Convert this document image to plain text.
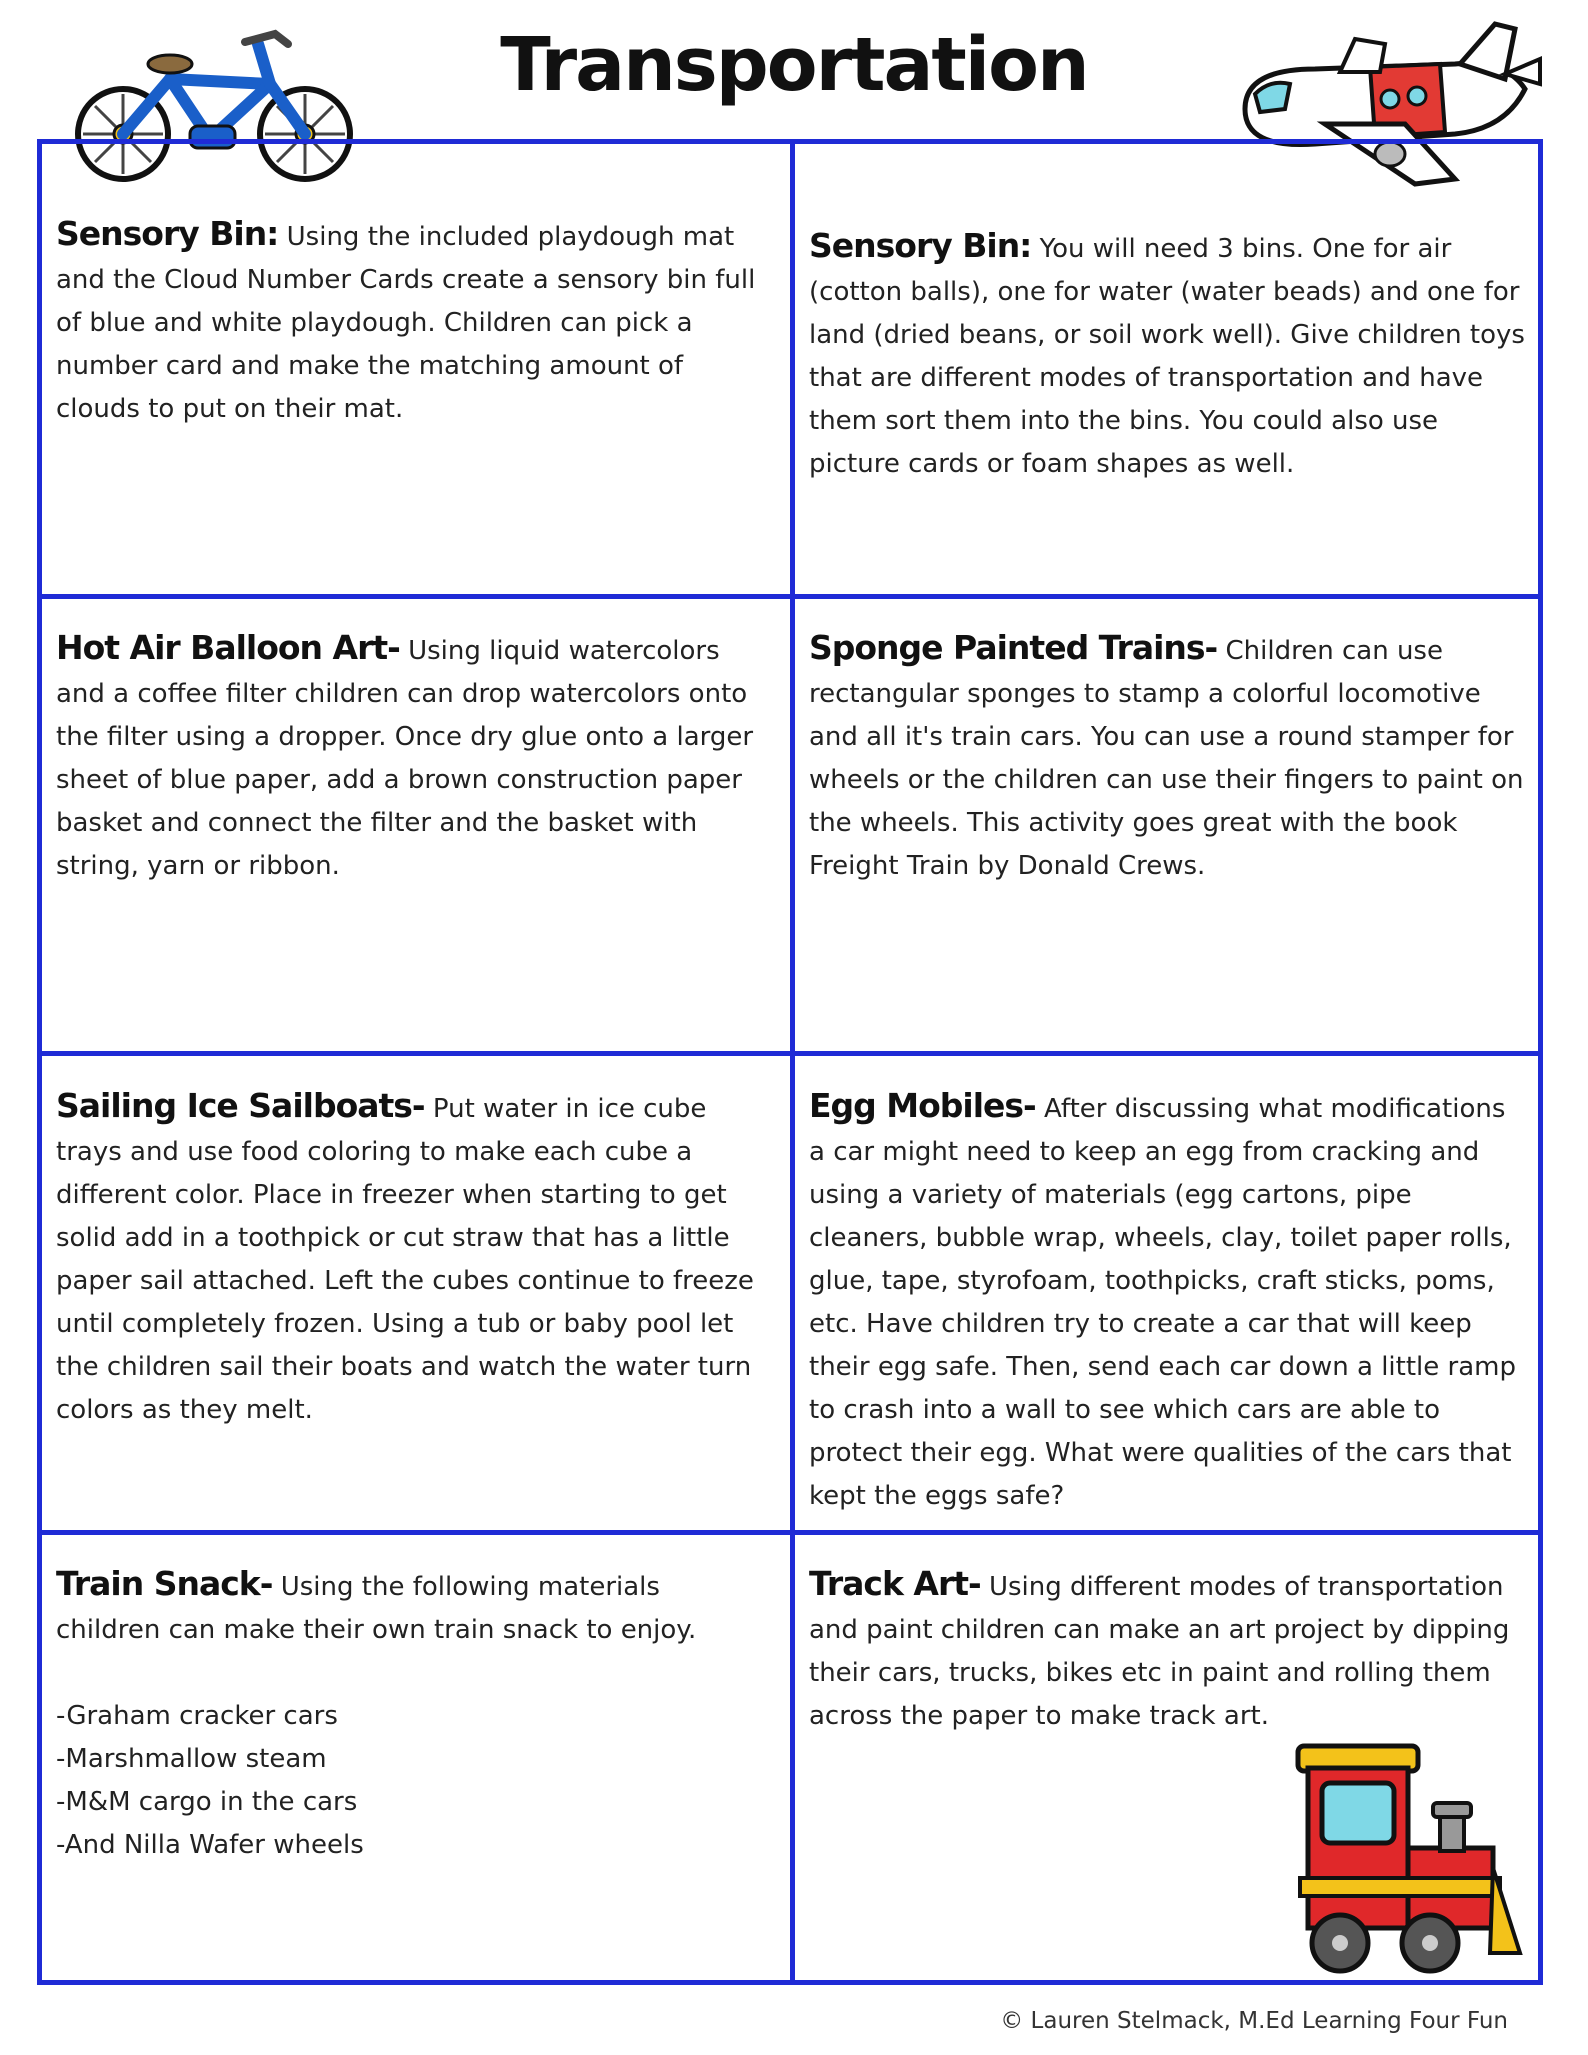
Transportation

Sensory Bin: Using the included playdough mat and the Cloud Number Cards create a sensory bin full of blue and white playdough. Children can pick a number card and make the matching amount of clouds to put on their mat.

Sensory Bin: You will need 3 bins. One for air (cotton balls), one for water (water beads) and one for land (dried beans, or soil work well). Give children toys that are different modes of transportation and have them sort them into the bins. You could also use picture cards or foam shapes as well.

Hot Air Balloon Art- Using liquid watercolors and a coffee filter children can drop watercolors onto the filter using a dropper. Once dry glue onto a larger sheet of blue paper, add a brown construction paper basket and connect the filter and the basket with string, yarn or ribbon.

Sponge Painted Trains- Children can use rectangular sponges to stamp a colorful locomotive and all it's train cars. You can use a round stamper for wheels or the children can use their fingers to paint on the wheels. This activity goes great with the book Freight Train by Donald Crews.

Sailing Ice Sailboats- Put water in ice cube trays and use food coloring to make each cube a different color. Place in freezer when starting to get solid add in a toothpick or cut straw that has a little paper sail attached. Left the cubes continue to freeze until completely frozen. Using a tub or baby pool let the children sail their boats and watch the water turn colors as they melt.

Egg Mobiles- After discussing what modifications a car might need to keep an egg from cracking and using a variety of materials (egg cartons, pipe cleaners, bubble wrap, wheels, clay, toilet paper rolls, glue, tape, styrofoam, toothpicks, craft sticks, poms, etc. Have children try to create a car that will keep their egg safe. Then, send each car down a little ramp to crash into a wall to see which cars are able to protect their egg. What were qualities of the cars that kept the eggs safe?

Train Snack- Using the following materials children can make their own train snack to enjoy.

-Graham cracker cars
-Marshmallow steam
-M&M cargo in the cars
-And Nilla Wafer wheels

Track Art- Using different modes of transportation and paint children can make an art project by dipping their cars, trucks, bikes etc in paint and rolling them across the paper to make track art.

© Lauren Stelmack, M.Ed Learning Four Fun
